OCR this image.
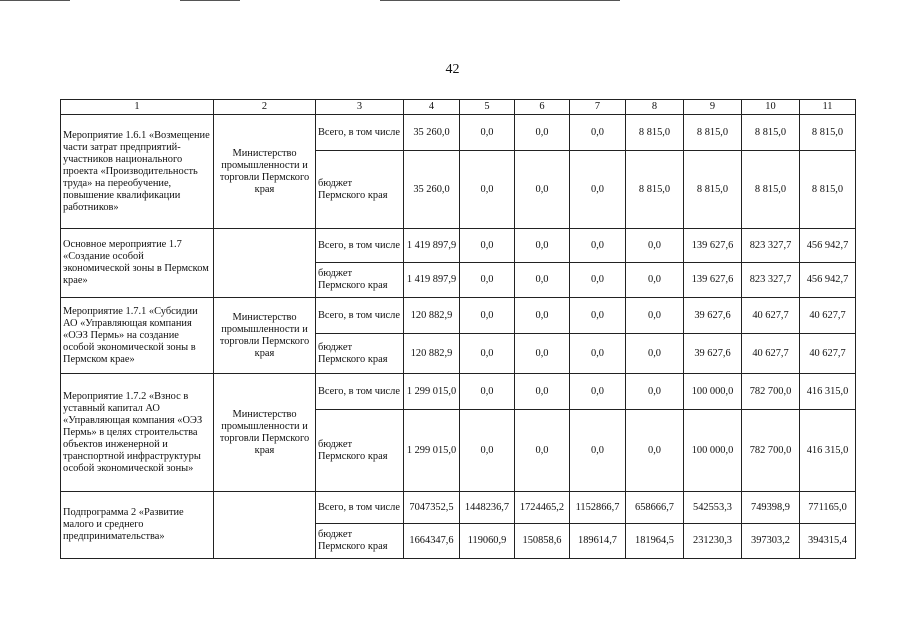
42
1	2	3	4	5	6	7	8	9	10	11
Мероприятие 1.6.1 «Возмещение части затрат предприятий-участников национального проекта «Производительность труда» на переобучение, повышение квалификации работников»	Министерство промышленности и торговли Пермского края	Всего, в том числе	35 260,0	0,0	0,0	0,0	8 815,0	8 815,0	8 815,0	8 815,0
		бюджет Пермского края	35 260,0	0,0	0,0	0,0	8 815,0	8 815,0	8 815,0	8 815,0
Основное мероприятие 1.7 «Создание особой экономической зоны в Пермском крае»		Всего, в том числе	1 419 897,9	0,0	0,0	0,0	0,0	139 627,6	823 327,7	456 942,7
		бюджет Пермского края	1 419 897,9	0,0	0,0	0,0	0,0	139 627,6	823 327,7	456 942,7
Мероприятие 1.7.1 «Субсидии АО «Управляющая компания «ОЭЗ Пермь» на создание особой экономической зоны в Пермском крае»	Министерство промышленности и торговли Пермского края	Всего, в том числе	120 882,9	0,0	0,0	0,0	0,0	39 627,6	40 627,7	40 627,7
		бюджет Пермского края	120 882,9	0,0	0,0	0,0	0,0	39 627,6	40 627,7	40 627,7
Мероприятие 1.7.2 «Взнос в уставный капитал АО «Управляющая компания «ОЭЗ Пермь» в целях строительства объектов инженерной и транспортной инфраструктуры особой экономической зоны»	Министерство промышленности и торговли Пермского края	Всего, в том числе	1 299 015,0	0,0	0,0	0,0	0,0	100 000,0	782 700,0	416 315,0
		бюджет Пермского края	1 299 015,0	0,0	0,0	0,0	0,0	100 000,0	782 700,0	416 315,0
Подпрограмма 2 «Развитие малого и среднего предпринимательства»		Всего, в том числе	7047352,5	1448236,7	1724465,2	1152866,7	658666,7	542553,3	749398,9	771165,0
		бюджет Пермского края	1664347,6	119060,9	150858,6	189614,7	181964,5	231230,3	397303,2	394315,4
